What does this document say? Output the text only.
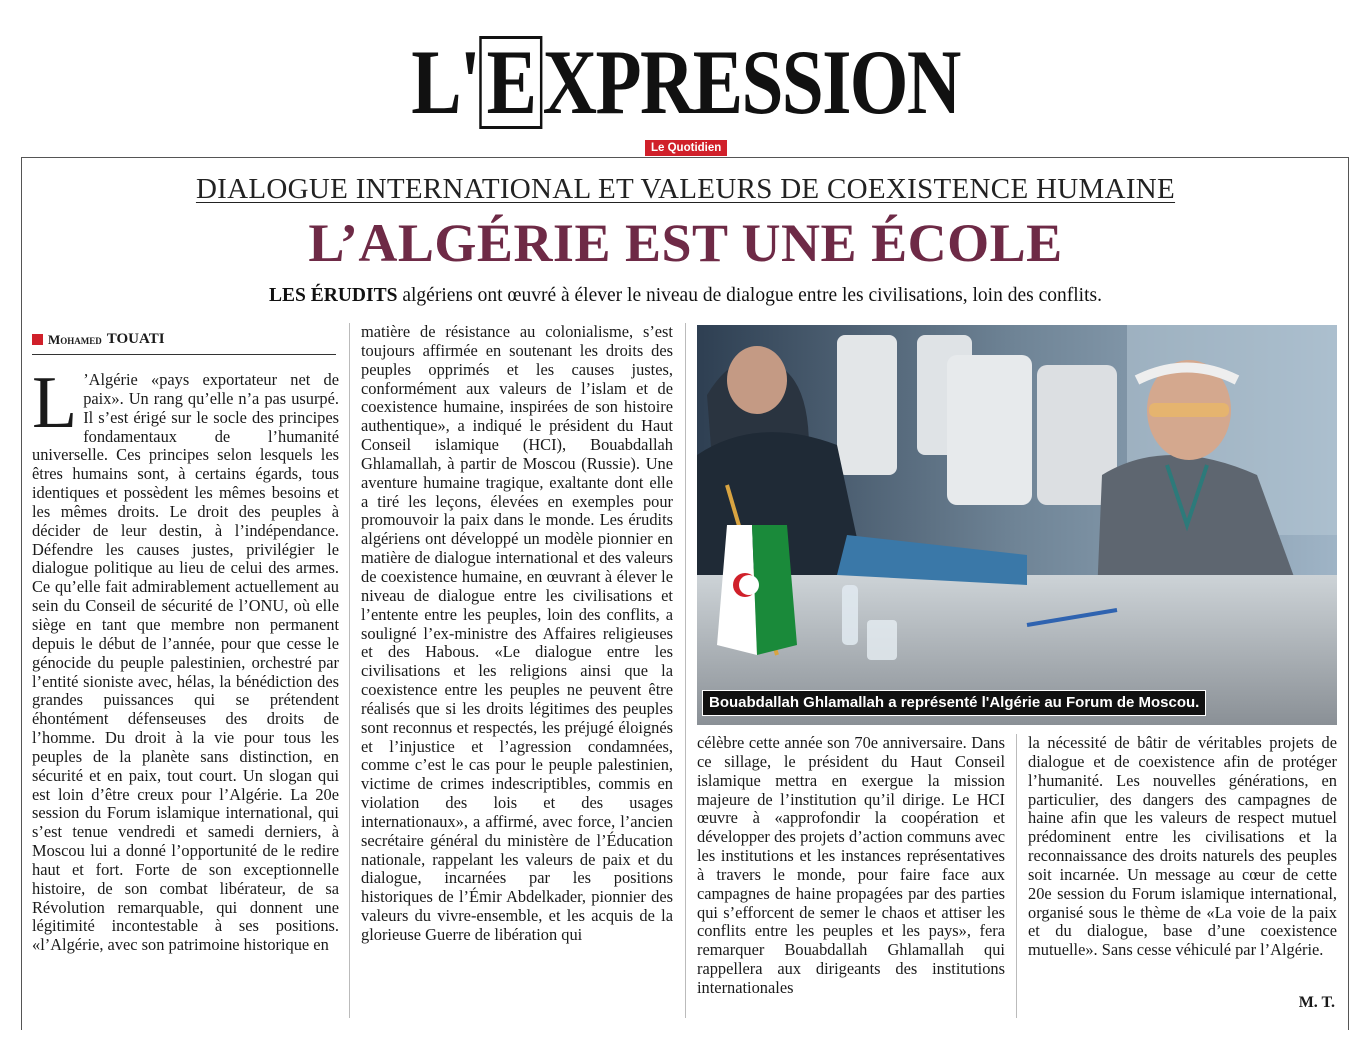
L'EXPRESSION
Le Quotidien
DIALOGUE INTERNATIONAL ET VALEURS DE COEXISTENCE HUMAINE
L’ALGÉRIE EST UNE ÉCOLE
LES ÉRUDITS algériens ont œuvré à élever le niveau de dialogue entre les civilisations, loin des conflits.
Mohamed TOUATI

L ’Algérie «pays exportateur net de paix». Un rang qu’elle n’a pas usurpé. Il s’est érigé sur le socle des principes fondamentaux de l’humanité universelle. Ces principes selon lesquels les êtres humains sont, à certains égards, tous identiques et possèdent les mêmes besoins et les mêmes droits. Le droit des peuples à décider de leur destin, à l’indépendance. Défendre les causes justes, privilégier le dialogue politique au lieu de celui des armes. Ce qu’elle fait admirablement actuellement au sein du Conseil de sécurité de l’ONU, où elle siège en tant que membre non permanent depuis le début de l’année, pour que cesse le génocide du peuple palestinien, orchestré par l’entité sioniste avec, hélas, la bénédiction des grandes puissances qui se prétendent éhontément défenseuses des droits de l’homme. Du droit à la vie pour tous les peuples de la planète sans distinction, en sécurité et en paix, tout court. Un slogan qui est loin d’être creux pour l’Algérie. La 20e session du Forum islamique international, qui s’est tenue vendredi et samedi derniers, à Moscou lui a donné l’opportunité de le redire haut et fort. Forte de son exceptionnelle histoire, de son combat libérateur, de sa Révolution remarquable, qui donnent une légitimité incontestable à ses positions. «l’Algérie, avec son patrimoine historique en

matière de résistance au colonialisme, s’est toujours affirmée en soutenant les droits des peuples opprimés et les causes justes, conformément aux valeurs de l’islam et de coexistence humaine, inspirées de son histoire authentique», a indiqué le président du Haut Conseil islamique (HCI), Bouabdallah Ghlamallah, à partir de Moscou (Russie). Une aventure humaine tragique, exaltante dont elle a tiré les leçons, élevées en exemples pour promouvoir la paix dans le monde. Les érudits algériens ont développé un modèle pionnier en matière de dialogue international et des valeurs de coexistence humaine, en œuvrant à élever le niveau de dialogue entre les civilisations et l’entente entre les peuples, loin des conflits, a souligné l’ex-ministre des Affaires religieuses et des Habous. «Le dialogue entre les civilisations et les religions ainsi que la coexistence entre les peuples ne peuvent être réalisés que si les droits légitimes des peuples sont reconnus et respectés, les préjugé éloignés et l’injustice et l’agression condamnées, comme c’est le cas pour le peuple palestinien, victime de crimes indescriptibles, commis en violation des lois et des usages internationaux», a affirmé, avec force, l’ancien secrétaire général du ministère de l’Éducation nationale, rappelant les valeurs de paix et du dialogue, incarnées par les positions historiques de l’Émir Abdelkader, pionnier des valeurs du vivre-ensemble, et les acquis de la glorieuse Guerre de libération qui

Bouabdallah Ghlamallah a représenté l'Algérie au Forum de Moscou.

célèbre cette année son 70e anniversaire. Dans ce sillage, le président du Haut Conseil islamique mettra en exergue la mission majeure de l’institution qu’il dirige. Le HCI œuvre à «approfondir la coopération et développer des projets d’action communs avec les institutions et les instances représentatives à travers le monde, pour faire face aux campagnes de haine propagées par des parties qui s’efforcent de semer le chaos et attiser les conflits entre les peuples et les pays», fera remarquer Bouabdallah Ghlamallah qui rappellera aux dirigeants des institutions internationales

la nécessité de bâtir de véritables projets de dialogue et de coexistence afin de protéger l’humanité. Les nouvelles générations, en particulier, des dangers des campagnes de haine afin que les valeurs de respect mutuel prédominent entre les civilisations et la reconnaissance des droits naturels des peuples soit incarnée. Un message au cœur de cette 20e session du Forum islamique international, organisé sous le thème de «La voie de la paix et du dialogue, base d’une coexistence mutuelle». Sans cesse véhiculé par l’Algérie.

M. T.
